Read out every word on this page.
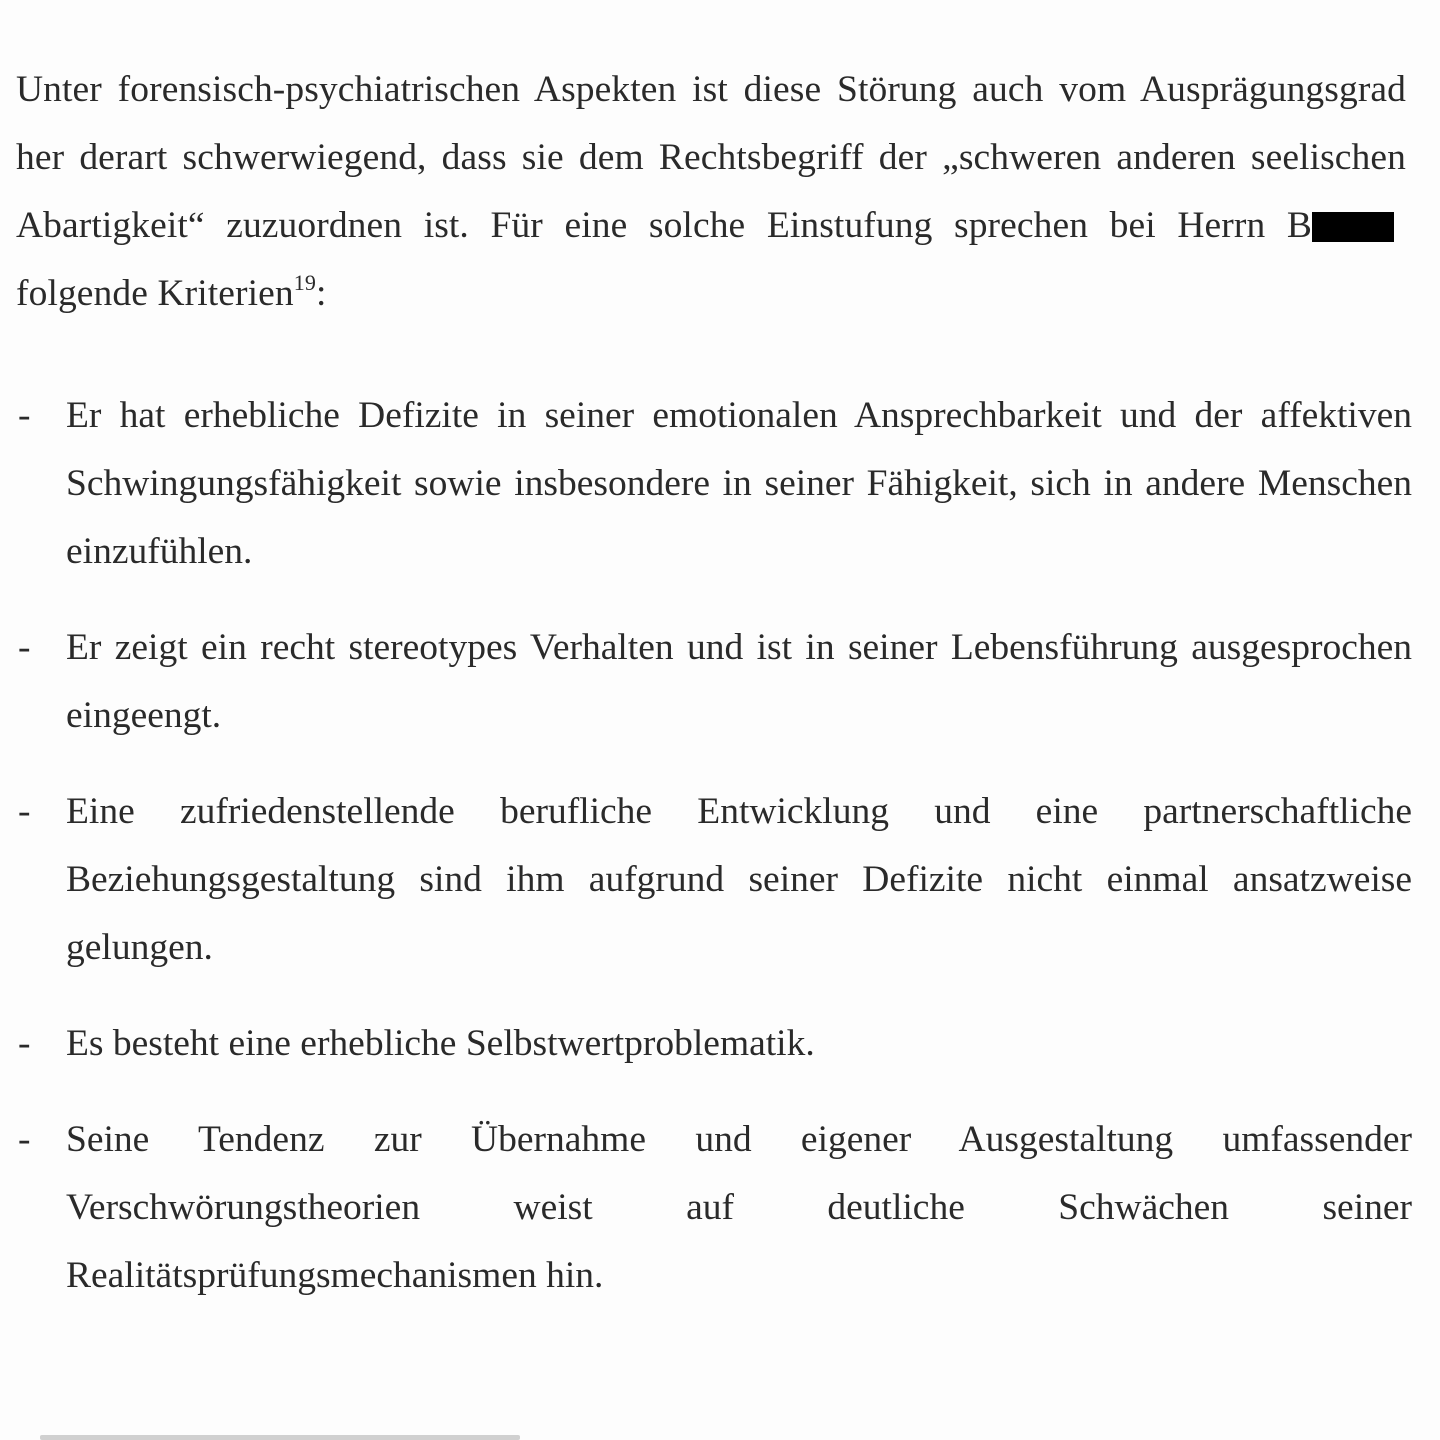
Unter forensisch-psychiatrischen Aspekten ist diese Störung auch vom Ausprägungsgrad her derart schwerwiegend, dass sie dem Rechtsbegriff der „schweren anderen seelischen Abartigkeit“ zuzuordnen ist. Für eine solche Einstufung sprechen bei Herrn Bfolgende Kriterien$^{19}$:

- Er hat erhebliche Defizite in seiner emotionalen Ansprechbarkeit und der affektiven Schwingungsfähigkeit sowie insbesondere in seiner Fähigkeit, sich in andere Menschen einzufühlen.
- Er zeigt ein recht stereotypes Verhalten und ist in seiner Lebensführung ausgesprochen eingeengt.
- Eine zufriedenstellende berufliche Entwicklung und eine partnerschaftliche Beziehungsgestaltung sind ihm aufgrund seiner Defizite nicht einmal ansatzweise gelungen.
- Es besteht eine erhebliche Selbstwertproblematik.
- Seine Tendenz zur Übernahme und eigener Ausgestaltung umfassender Verschwörungstheorien weist auf deutliche Schwächen seiner Realitätsprüfungsmechanismen hin.
